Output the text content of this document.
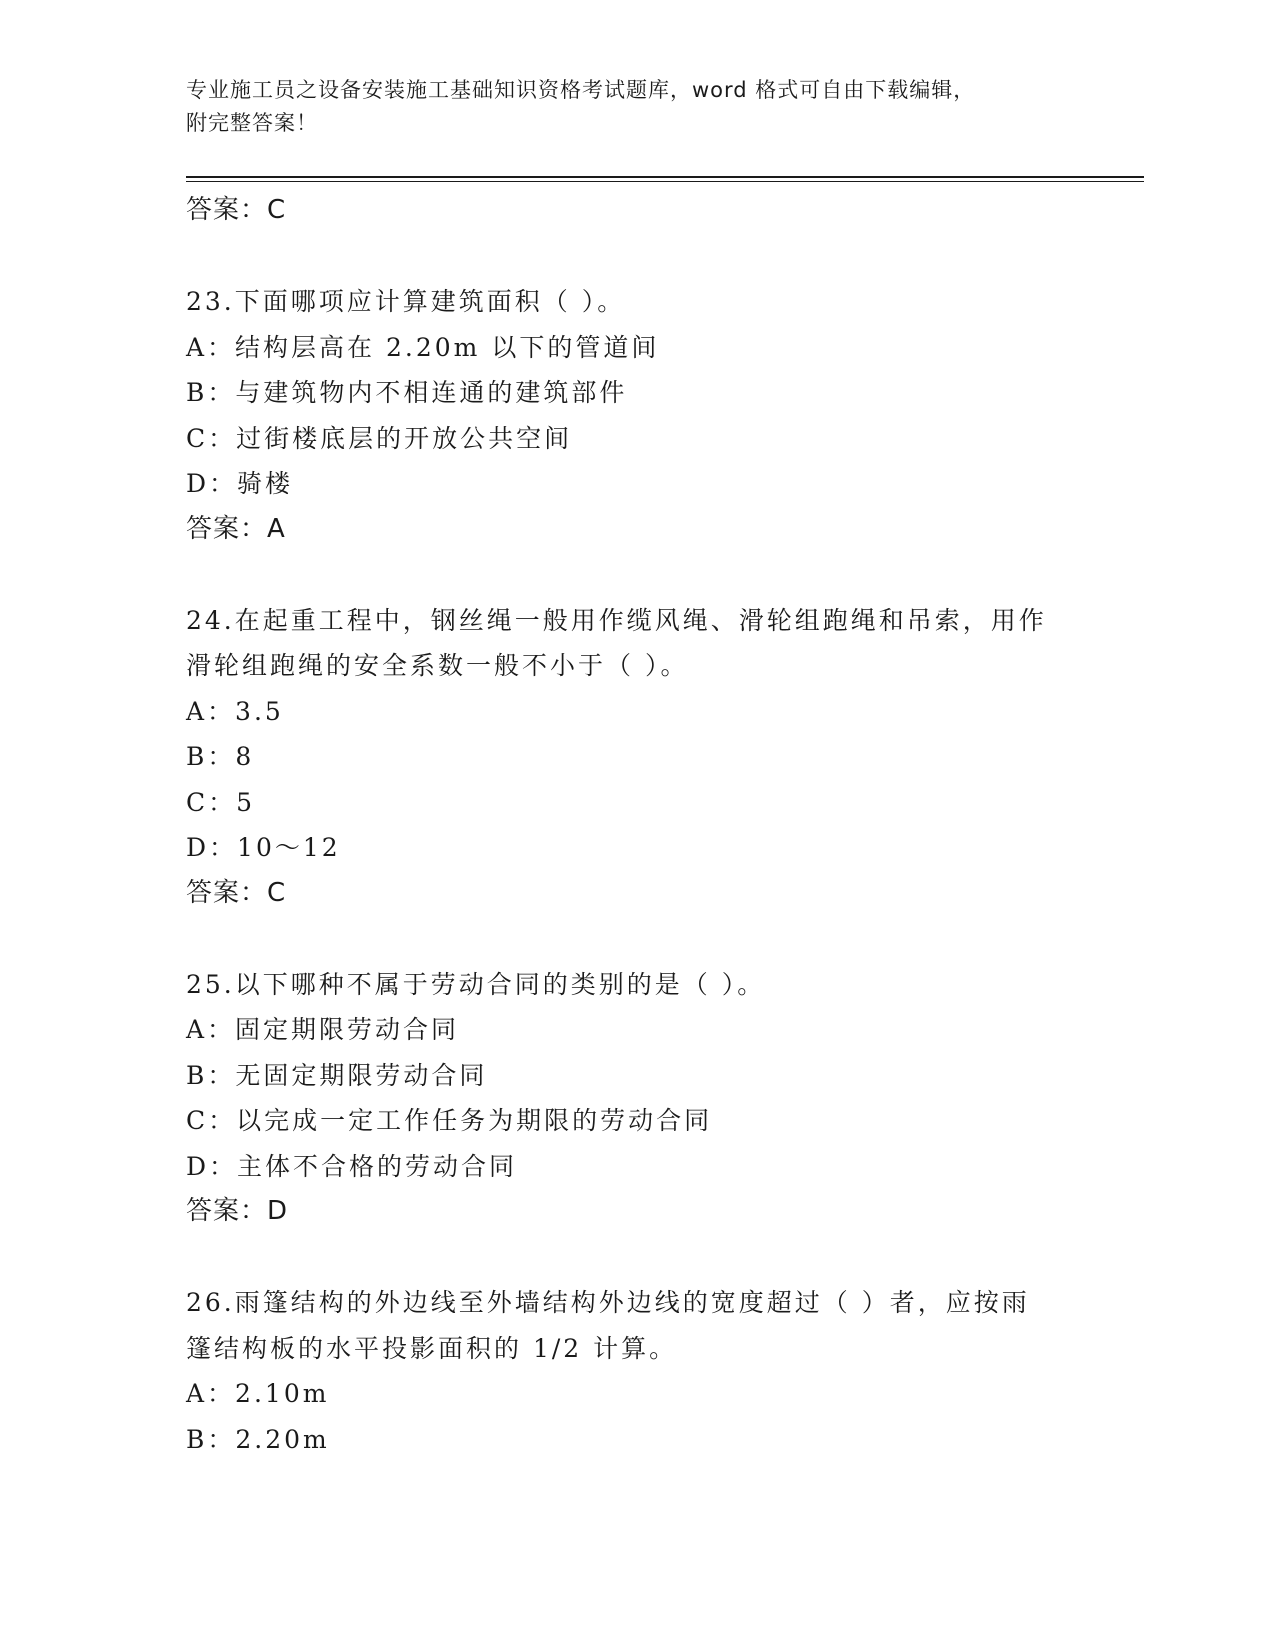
专业施工员之设备安装施工基础知识资格考试题库，word 格式可自由下载编辑，
附完整答案！
答案：C
23.下面哪项应计算建筑面积（ ）。
A：结构层高在 2.20m 以下的管道间
B：与建筑物内不相连通的建筑部件
C：过街楼底层的开放公共空间
D：骑楼
答案：A
24.在起重工程中，钢丝绳一般用作缆风绳、滑轮组跑绳和吊索，用作
滑轮组跑绳的安全系数一般不小于（ ）。
A：3.5
B：8
C：5
D：10～12
答案：C
25.以下哪种不属于劳动合同的类别的是（ ）。
A：固定期限劳动合同
B：无固定期限劳动合同
C：以完成一定工作任务为期限的劳动合同
D：主体不合格的劳动合同
答案：D
26.雨篷结构的外边线至外墙结构外边线的宽度超过（ ）者，应按雨
篷结构板的水平投影面积的 1/2 计算。
A：2.10m
B：2.20m
